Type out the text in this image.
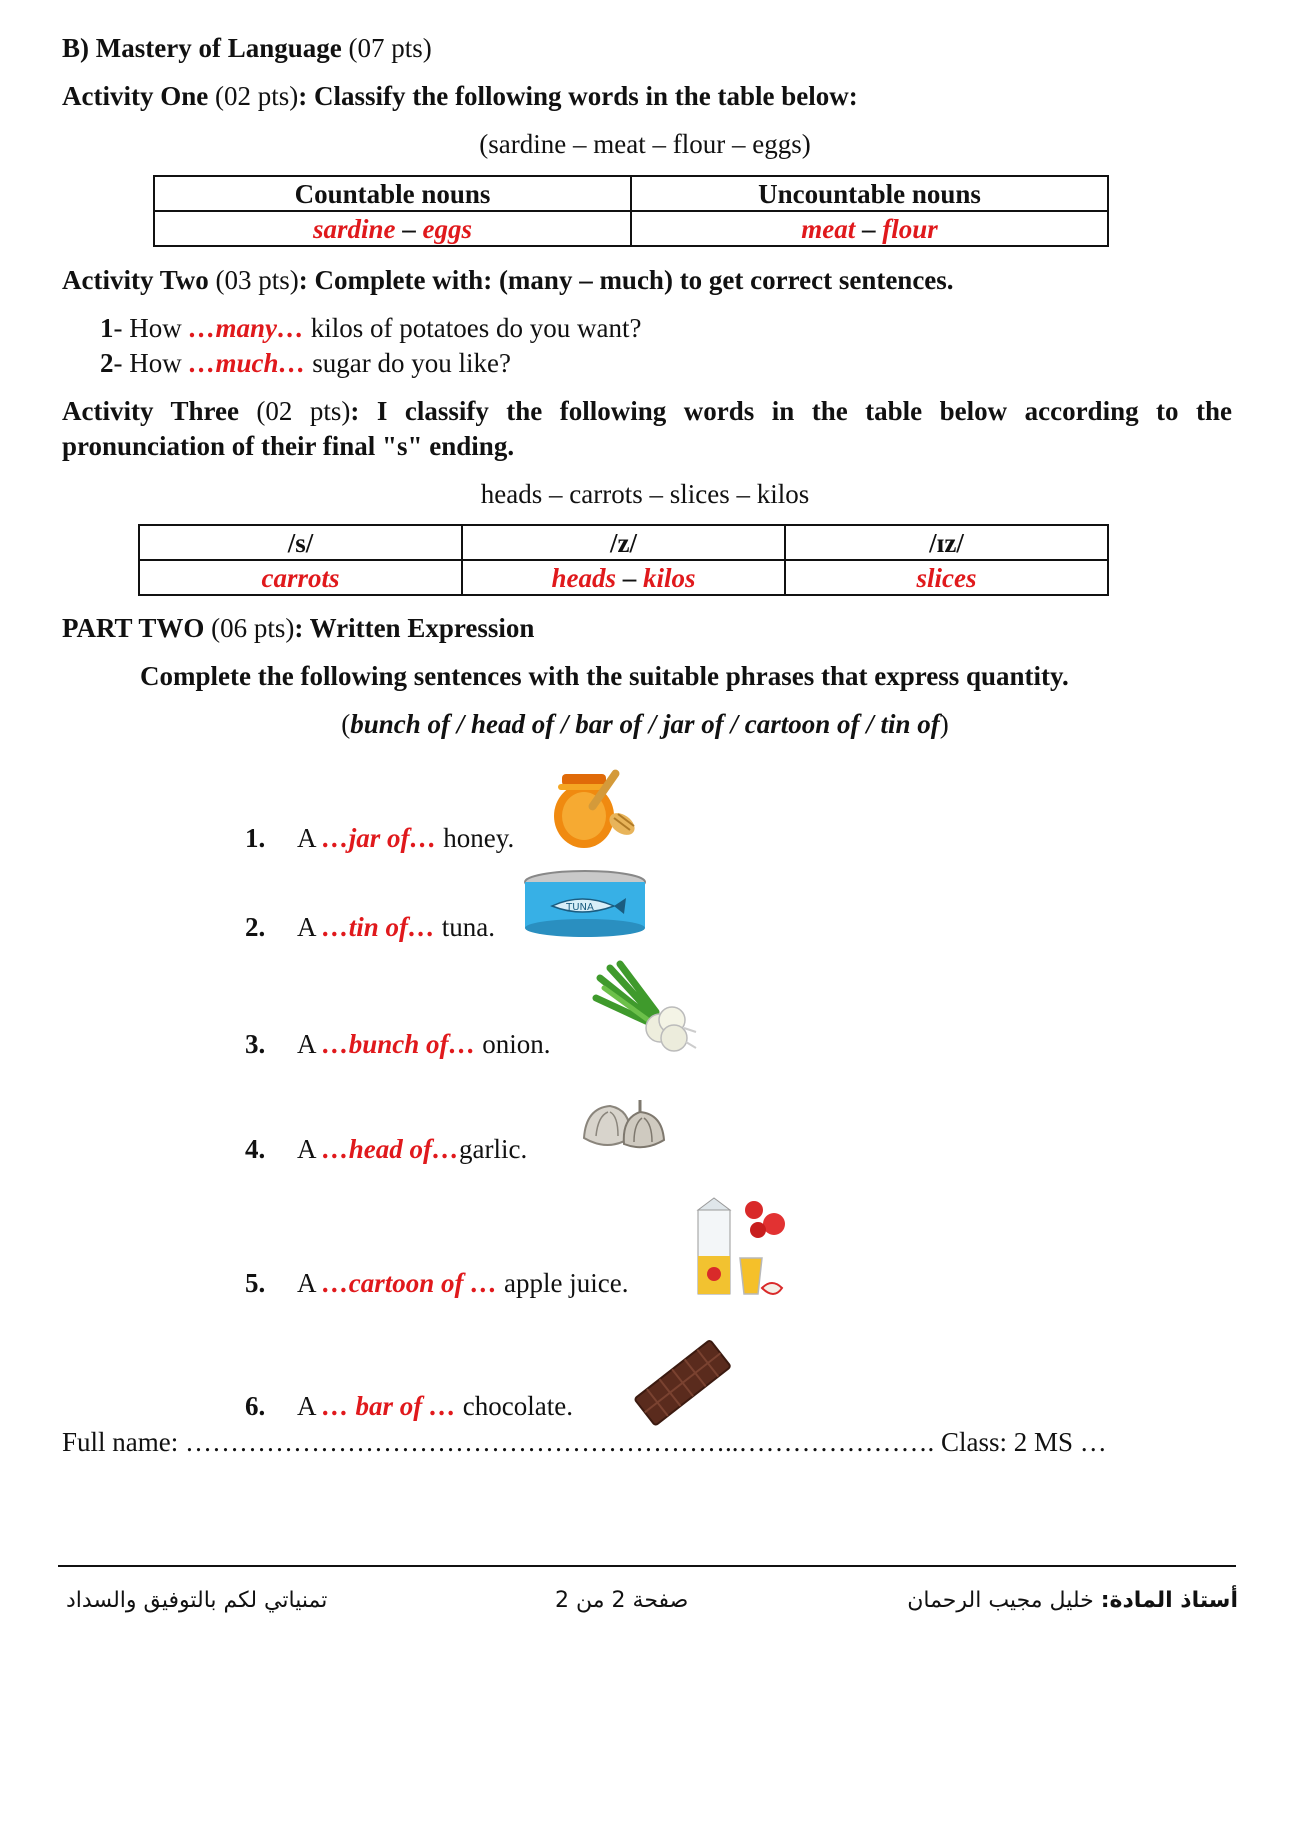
B) Mastery of Language (07 pts)
Activity One (02 pts): Classify the following words in the table below:
(sardine – meat – flour – eggs)
Countable nouns	Uncountable nouns
sardine – eggs	meat – flour
Activity Two (03 pts): Complete with: (many – much) to get correct sentences.
1- How …many… kilos of potatoes do you want?
2- How …much… sugar do you like?
Activity Three (02 pts): I classify the following words in the table below according to the pronunciation of their final "s" ending.
heads – carrots – slices – kilos
/s/	/z/	/ɪz/
carrots	heads – kilos	slices
PART TWO (06 pts): Written Expression
Complete the following sentences with the suitable phrases that express quantity.
(bunch of / head of / bar of / jar of / cartoon of / tin of)
1. A …jar of… honey.
2. A …tin of… tuna.
3. A …bunch of… onion.
4. A …head of…garlic.
5. A …cartoon of … apple juice.
6. A … bar of … chocolate.
TUNA
Full name: ……………………………………………………..…………………. Class: 2 MS …
أستاذ المادة: خليل مجيب الرحمان
صفحة 2 من 2
تمنياتي لكم بالتوفيق والسداد
